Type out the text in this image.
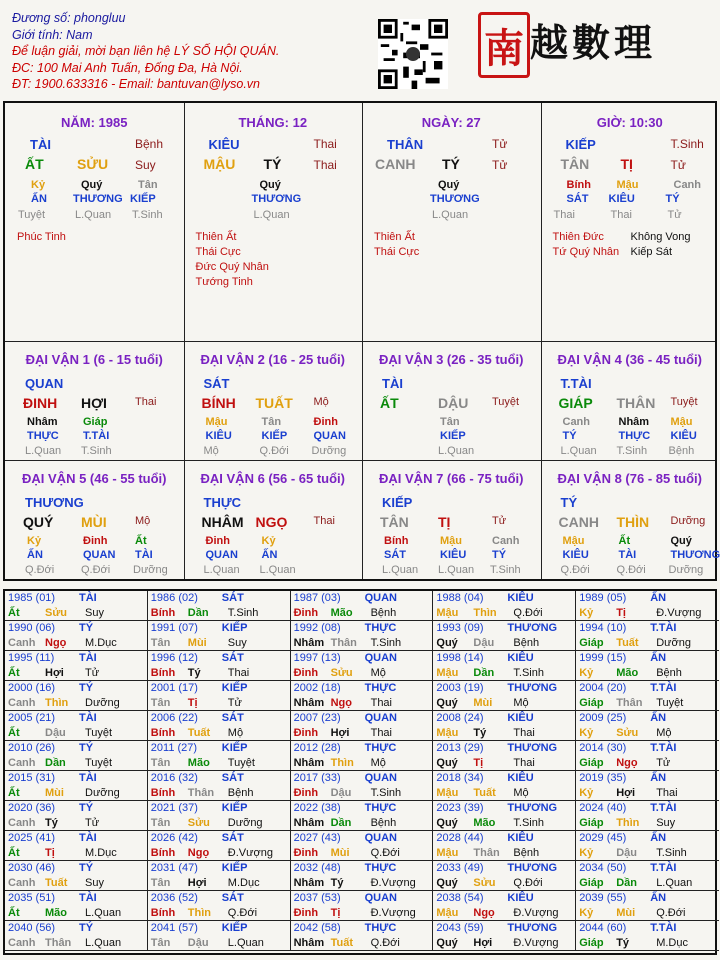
Đương số: phongluu
Giới tính: Nam
Để luận giải, mời bạn liên hệ LÝ SỐ HỘI QUÁN.
ĐC: 100 Mai Anh Tuấn, Đống Đa, Hà Nội.
ĐT: 1900.633316 - Email: bantuvan@lyso.vn
南 越數理
NĂM: 1985
TÀI
ẤT SỬU
Bệnh
Suy
Kỷ
ẤN
Tuyệt
Quý
THƯƠNG
L.Quan
Tân
KIẾP
T.Sinh
Phúc Tinh
THÁNG: 12
KIÊU
MẬU TÝ
Thai
Thai
Quý
THƯƠNG
L.Quan
Thiên Ất
Thái Cực
Đức Quý Nhân
Tướng Tinh
NGÀY: 27
THÂN
CANH TÝ
Tử
Tử
Quý
THƯƠNG
L.Quan
Thiên Ất
Thái Cực
GIỜ: 10:30
KIẾP
TÂN TỊ
T.Sinh
Tử
Bính
SÁT
Thai
Mậu
KIÊU
Thai
Canh
TÝ
Tử
Thiên Đức
Tứ Quý Nhân
Không Vong
Kiếp Sát
ĐẠI VẬN 1 (6 - 15 tuổi)
QUAN
ĐINH HỢI	Thai
Nhâm
THỰC
L.Quan
Giáp
T.TÀI
T.Sinh
ĐẠI VẬN 2 (16 - 25 tuổi)
SÁT
BÍNH TUẤT Mộ
Mậu
KIÊU
Mộ
Tân
KIẾP
Q.Đới
Đinh
QUAN
Dưỡng
ĐẠI VẬN 3 (26 - 35 tuổi)
TÀI
ẤT	DẬU Tuyệt
Tân
KIẾP
L.Quan
ĐẠI VẬN 4 (36 - 45 tuổi)
T.TÀI
GIÁP THÂN Tuyệt
Canh
TÝ
L.Quan
Nhâm
THỰC
T.Sinh
Mậu
KIÊU
Bệnh
ĐẠI VẬN 5 (46 - 55 tuổi)
THƯƠNG
QUÝ MÙI	Mộ
Kỷ
ẤN
Q.Đới
Đinh
QUAN
Q.Đới
Ất
TÀI
Dưỡng
ĐẠI VẬN 6 (56 - 65 tuổi)
THỰC
NHÂM NGỌ Thai
Đinh
QUAN
L.Quan
Kỷ
ẤN
L.Quan
ĐẠI VẬN 7 (66 - 75 tuổi)
KIẾP
TÂN TỊ	Tử
Bính
SÁT
L.Quan
Mậu
KIÊU
L.Quan
Canh
TÝ
T.Sinh
ĐẠI VẬN 8 (76 - 85 tuổi)
TÝ
CANH THÌN Dưỡng
Mậu
KIÊU
Q.Đới
Ất
TÀI
Q.Đới
Quý
THƯƠNG
Dưỡng
1985 (01) TÀI
Ất Sửu Suy
1986 (02) SÁT
Bính Dần T.Sinh
1987 (03) QUAN
Đinh Mão Bệnh
1988 (04) KIÊU
Mậu Thìn Q.Đới
1989 (05) ẤN
Kỷ Tị	Đ.Vượng
1990 (06) TÝ
Canh Ngọ M.Dục
1991 (07) KIẾP
Tân Mùi Suy
1992 (08) THỰC
Nhâm Thân T.Sinh
1993 (09) THƯƠNG
Quý Dậu Bệnh
1994 (10) T.TÀI
Giáp Tuất Dưỡng
1995 (11) TÀI
Ất Hợi Tử
1996 (12) SÁT
Bính Tý Thai
1997 (13) QUAN
Đinh Sửu Mộ
1998 (14) KIÊU
Mậu Dần T.Sinh
1999 (15) ẤN
Kỷ Mão Bệnh
2000 (16) TÝ
Canh Thìn Dưỡng
2001 (17) KIẾP
Tân Tị	Tử
2002 (18) THỰC
Nhâm Ngọ Thai
2003 (19) THƯƠNG
Quý Mùi Mộ
2004 (20) T.TÀI
Giáp Thân Tuyệt
2005 (21) TÀI
Ất Dậu Tuyệt
2006 (22) SÁT
Bính Tuất Mộ
2007 (23) QUAN
Đinh Hợi Thai
2008 (24) KIÊU
Mậu Tý Thai
2009 (25) ẤN
Kỷ Sửu Mộ
2010 (26) TÝ
Canh Dần Tuyệt
2011 (27) KIẾP
Tân Mão Tuyệt
2012 (28) THỰC
Nhâm Thìn Mộ
2013 (29) THƯƠNG
Quý Tị	Thai
2014 (30) T.TÀI
Giáp Ngọ Tử
2015 (31) TÀI
Ất Mùi Dưỡng
2016 (32) SÁT
Bính Thân Bệnh
2017 (33) QUAN
Đinh Dậu T.Sinh
2018 (34) KIÊU
Mậu Tuất Mộ
2019 (35) ẤN
Kỷ Hợi Thai
2020 (36) TÝ
Canh Tý Tử
2021 (37) KIẾP
Tân Sửu Dưỡng
2022 (38) THỰC
Nhâm Dần Bệnh
2023 (39) THƯƠNG
Quý Mão T.Sinh
2024 (40) T.TÀI
Giáp Thìn Suy
2025 (41) TÀI
Ất Tị	M.Dục
2026 (42) SÁT
Bính Ngọ Đ.Vượng
2027 (43) QUAN
Đinh Mùi Q.Đới
2028 (44) KIÊU
Mậu Thân Bệnh
2029 (45) ẤN
Kỷ Dậu T.Sinh
2030 (46) TÝ
Canh Tuất Suy
2031 (47) KIẾP
Tân Hợi M.Dục
2032 (48) THỰC
Nhâm Tý Đ.Vượng
2033 (49) THƯƠNG
Quý Sửu Q.Đới
2034 (50) T.TÀI
Giáp Dần L.Quan
2035 (51) TÀI
Ất Mão L.Quan
2036 (52) SÁT
Bính Thìn Q.Đới
2037 (53) QUAN
Đinh Tị	Đ.Vượng
2038 (54) KIÊU
Mậu Ngọ Đ.Vượng
2039 (55) ẤN
Kỷ Mùi Q.Đới
2040 (56) TÝ
Canh Thân L.Quan
2041 (57) KIẾP
Tân Dậu L.Quan
2042 (58) THỰC
Nhâm Tuất Q.Đới
2043 (59) THƯƠNG
Quý Hợi Đ.Vượng
2044 (60) T.TÀI
Giáp Tý M.Dục
